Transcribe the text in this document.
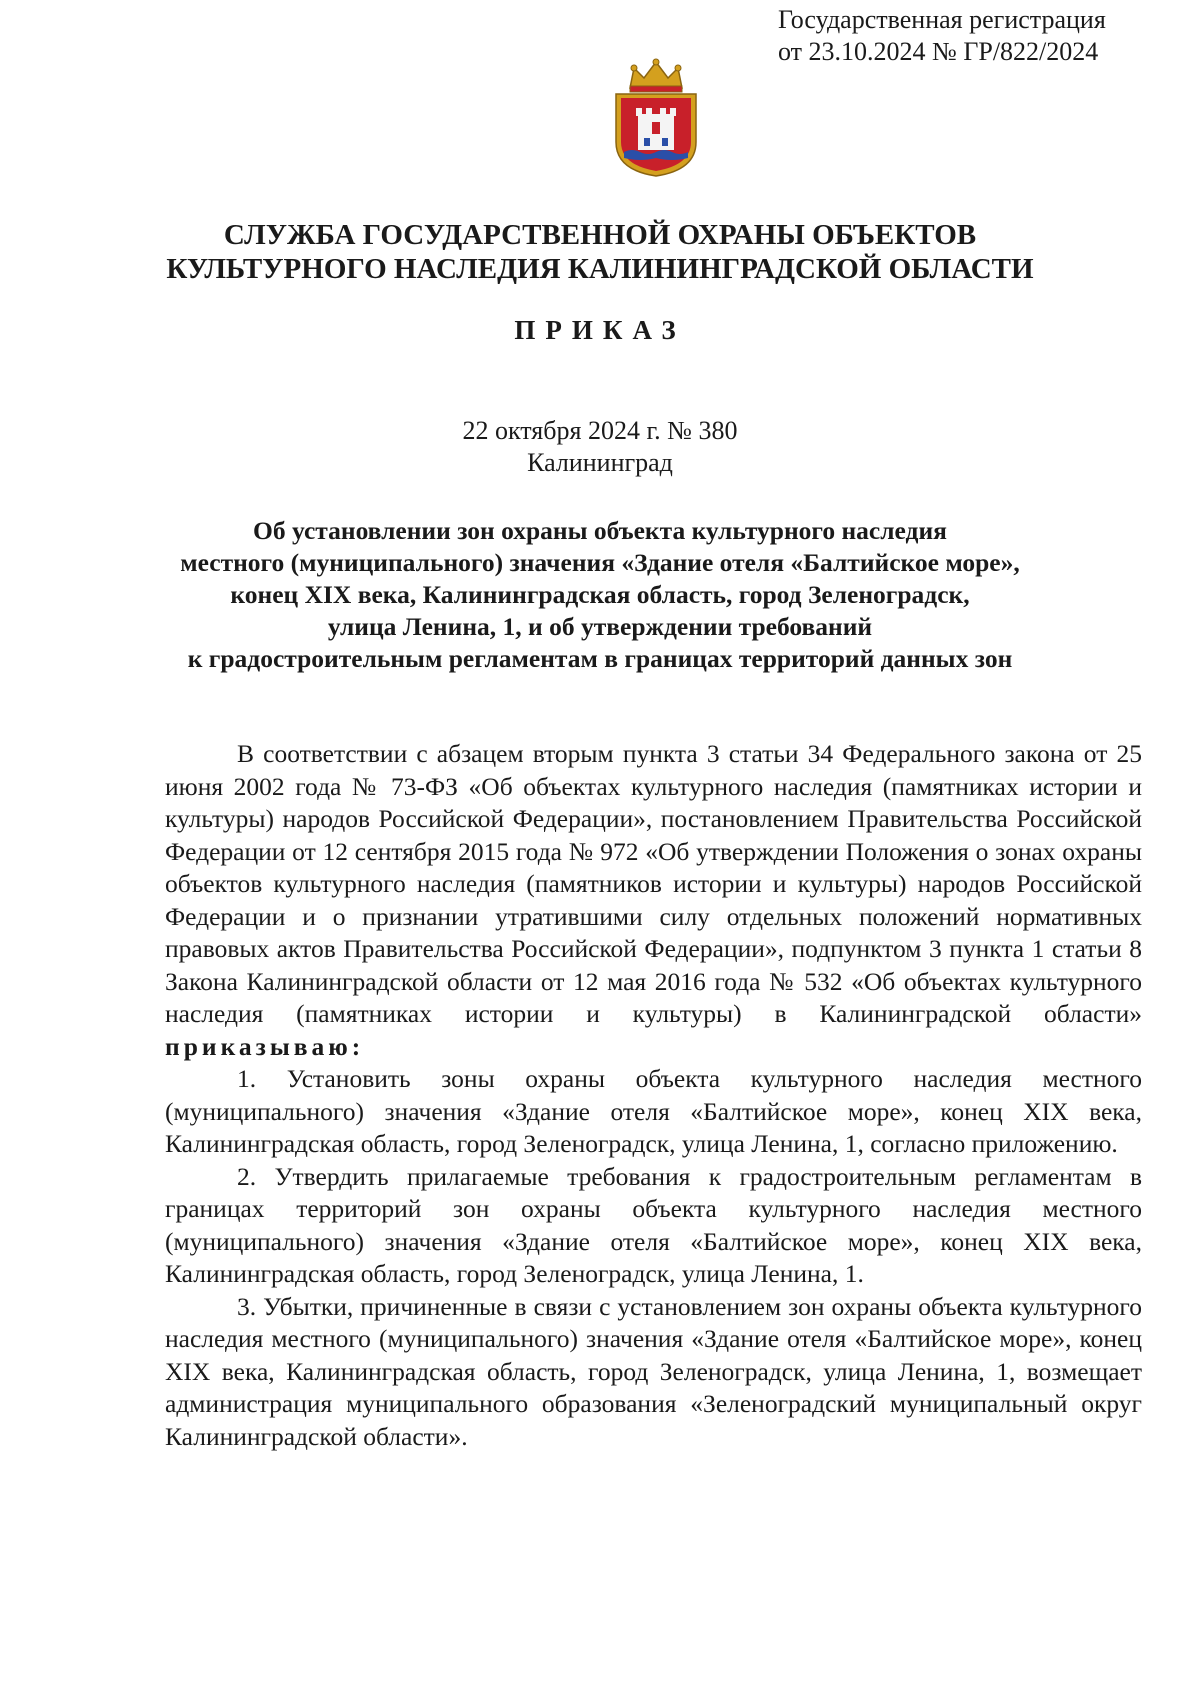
Государственная регистрация
от 23.10.2024 № ГР/822/2024
СЛУЖБА ГОСУДАРСТВЕННОЙ ОХРАНЫ ОБЪЕКТОВ
КУЛЬТУРНОГО НАСЛЕДИЯ КАЛИНИНГРАДСКОЙ ОБЛАСТИ
ПРИКАЗ
22 октября 2024 г. № 380
Калининград
Об установлении зон охраны объекта культурного наследия
местного (муниципального) значения «Здание отеля «Балтийское море»,
конец XIX века, Калининградская область, город Зеленоградск,
улица Ленина, 1, и об утверждении требований
к градостроительным регламентам в границах территорий данных зон

В соответствии с абзацем вторым пункта 3 статьи 34 Федерального закона от 25 июня 2002 года № 73-ФЗ «Об объектах культурного наследия (памятниках истории и культуры) народов Российской Федерации», постановлением Правительства Российской Федерации от 12 сентября 2015 года № 972 «Об утверждении Положения о зонах охраны объектов культурного наследия (памятников истории и культуры) народов Российской Федерации и о признании утратившими силу отдельных положений нормативных правовых актов Правительства Российской Федерации», подпунктом 3 пункта 1 статьи 8 Закона Калининградской области от 12 мая 2016 года № 532 «Об объектах культурного наследия (памятниках истории и культуры) в Калининградской области» приказываю:

1. Установить зоны охраны объекта культурного наследия местного (муниципального) значения «Здание отеля «Балтийское море», конец XIX века, Калининградская область, город Зеленоградск, улица Ленина, 1, согласно приложению.

2. Утвердить прилагаемые требования к градостроительным регламентам в границах территорий зон охраны объекта культурного наследия местного (муниципального) значения «Здание отеля «Балтийское море», конец XIX века, Калининградская область, город Зеленоградск, улица Ленина, 1.

3. Убытки, причиненные в связи с установлением зон охраны объекта культурного наследия местного (муниципального) значения «Здание отеля «Балтийское море», конец XIX века, Калининградская область, город Зеленоградск, улица Ленина, 1, возмещает администрация муниципального образования «Зеленоградский муниципальный округ Калининградской области».
